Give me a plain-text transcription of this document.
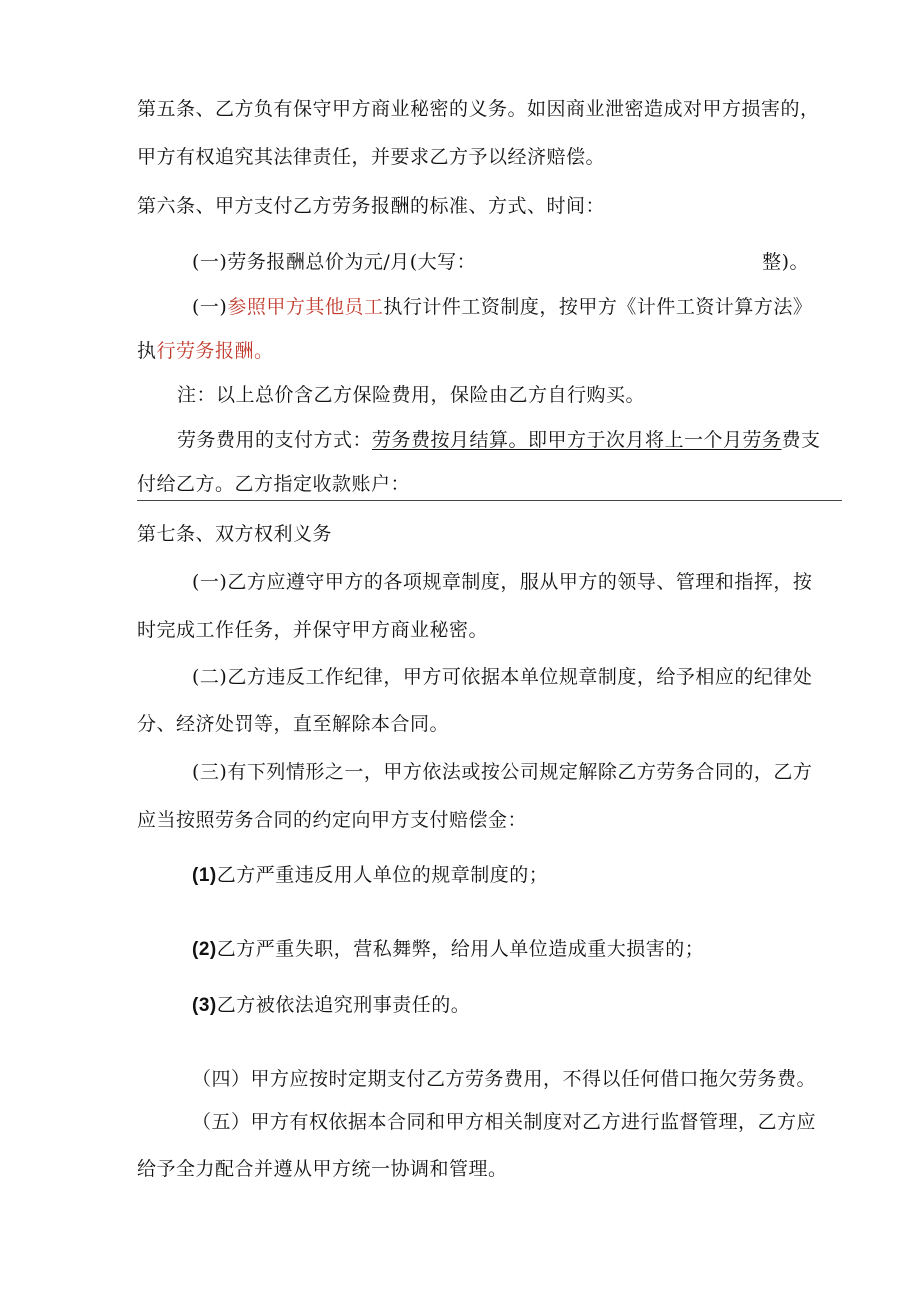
第五条、乙方负有保守甲方商业秘密的义务。如因商业泄密造成对甲方损害的，

甲方有权追究其法律责任，并要求乙方予以经济赔偿。

第六条、甲方支付乙方劳务报酬的标准、方式、时间：

(一)劳务报酬总价为元/月(大写：	整)。

(一)参照甲方其他员工执行计件工资制度，按甲方《计件工资计算方法》

执行劳务报酬。

注：以上总价含乙方保险费用，保险由乙方自行购买。

劳务费用的支付方式：劳务费按月结算。即甲方于次月将上一个月劳务费支

付给乙方。乙方指定收款账户：

第七条、双方权利义务

(一)乙方应遵守甲方的各项规章制度，服从甲方的领导、管理和指挥，按

时完成工作任务，并保守甲方商业秘密。

(二)乙方违反工作纪律，甲方可依据本单位规章制度，给予相应的纪律处

分、经济处罚等，直至解除本合同。

(三)有下列情形之一，甲方依法或按公司规定解除乙方劳务合同的，乙方

应当按照劳务合同的约定向甲方支付赔偿金：

(1)乙方严重违反用人单位的规章制度的；

(2)乙方严重失职，营私舞弊，给用人单位造成重大损害的；

(3)乙方被依法追究刑事责任的。

（四）甲方应按时定期支付乙方劳务费用，不得以任何借口拖欠劳务费。

（五）甲方有权依据本合同和甲方相关制度对乙方进行监督管理，乙方应

给予全力配合并遵从甲方统一协调和管理。
